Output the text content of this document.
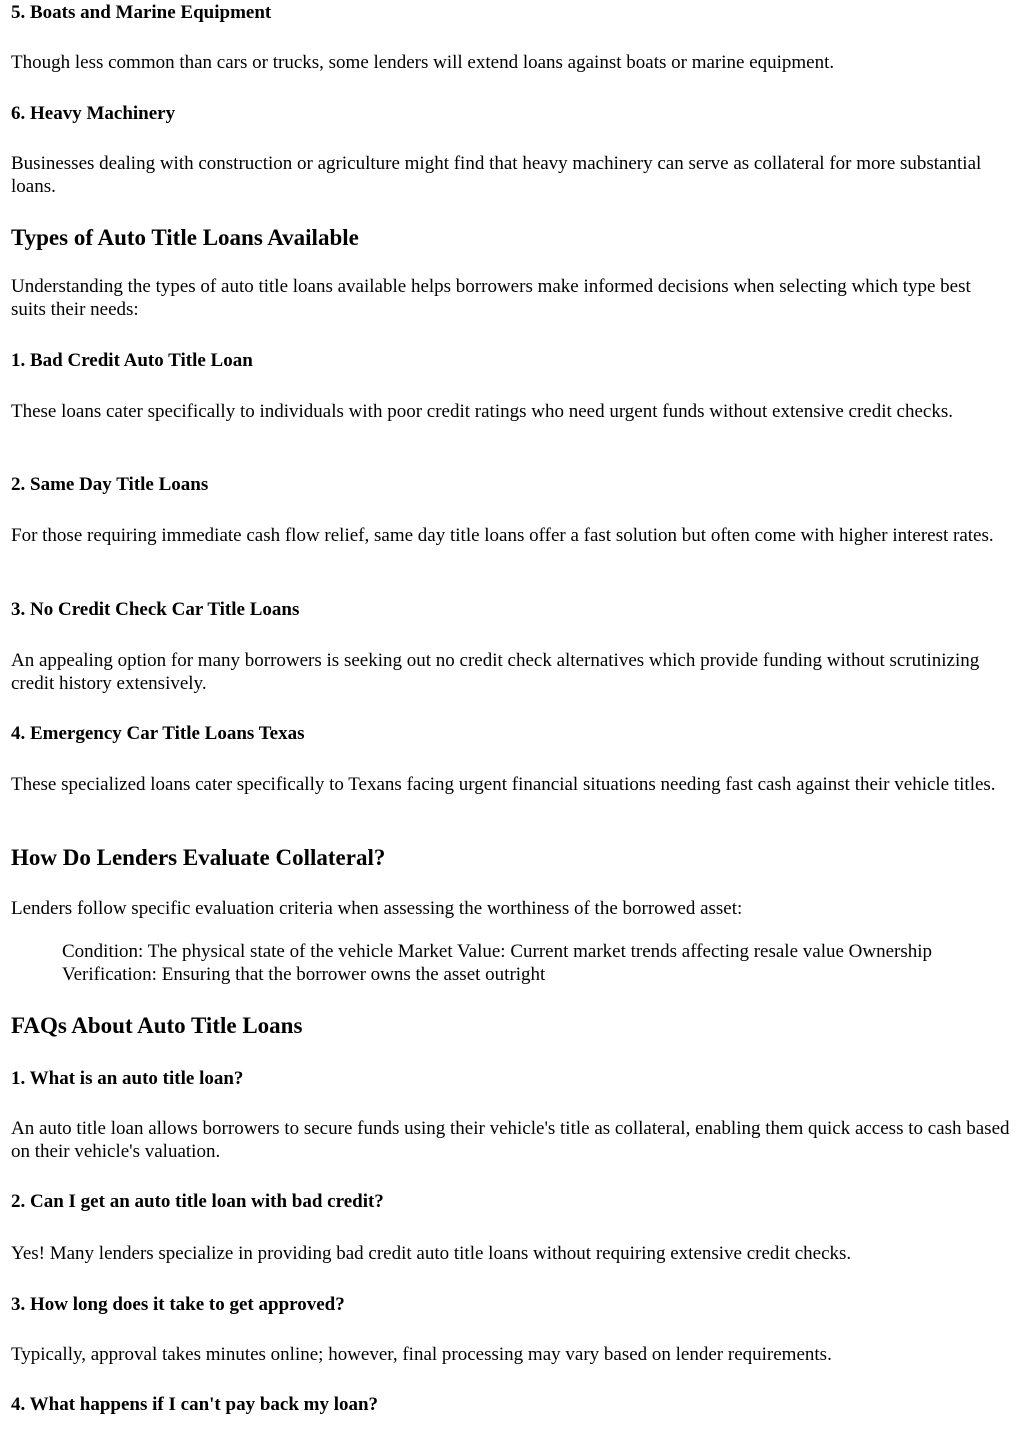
5. Boats and Marine Equipment

Though less common than cars or trucks, some lenders will extend loans against boats or marine equipment.

6. Heavy Machinery

Businesses dealing with construction or agriculture might find that heavy machinery can serve as collateral for more substantial loans.

Types of Auto Title Loans Available

Understanding the types of auto title loans available helps borrowers make informed decisions when selecting which type best suits their needs:

1. Bad Credit Auto Title Loan

These loans cater specifically to individuals with poor credit ratings who need urgent funds without extensive credit checks.

2. Same Day Title Loans

For those requiring immediate cash flow relief, same day title loans offer a fast solution but often come with higher interest rates.

3. No Credit Check Car Title Loans

An appealing option for many borrowers is seeking out no credit check alternatives which provide funding without scrutinizing credit history extensively.

4. Emergency Car Title Loans Texas

These specialized loans cater specifically to Texans facing urgent financial situations needing fast cash against their vehicle titles.

How Do Lenders Evaluate Collateral?

Lenders follow specific evaluation criteria when assessing the worthiness of the borrowed asset:

Condition: The physical state of the vehicle Market Value: Current market trends affecting resale value Ownership Verification: Ensuring that the borrower owns the asset outright

FAQs About Auto Title Loans
1. What is an auto title loan?

An auto title loan allows borrowers to secure funds using their vehicle's title as collateral, enabling them quick access to cash based on their vehicle's valuation.

2. Can I get an auto title loan with bad credit?

Yes! Many lenders specialize in providing bad credit auto title loans without requiring extensive credit checks.

3. How long does it take to get approved?

Typically, approval takes minutes online; however, final processing may vary based on lender requirements.

4. What happens if I can't pay back my loan?
